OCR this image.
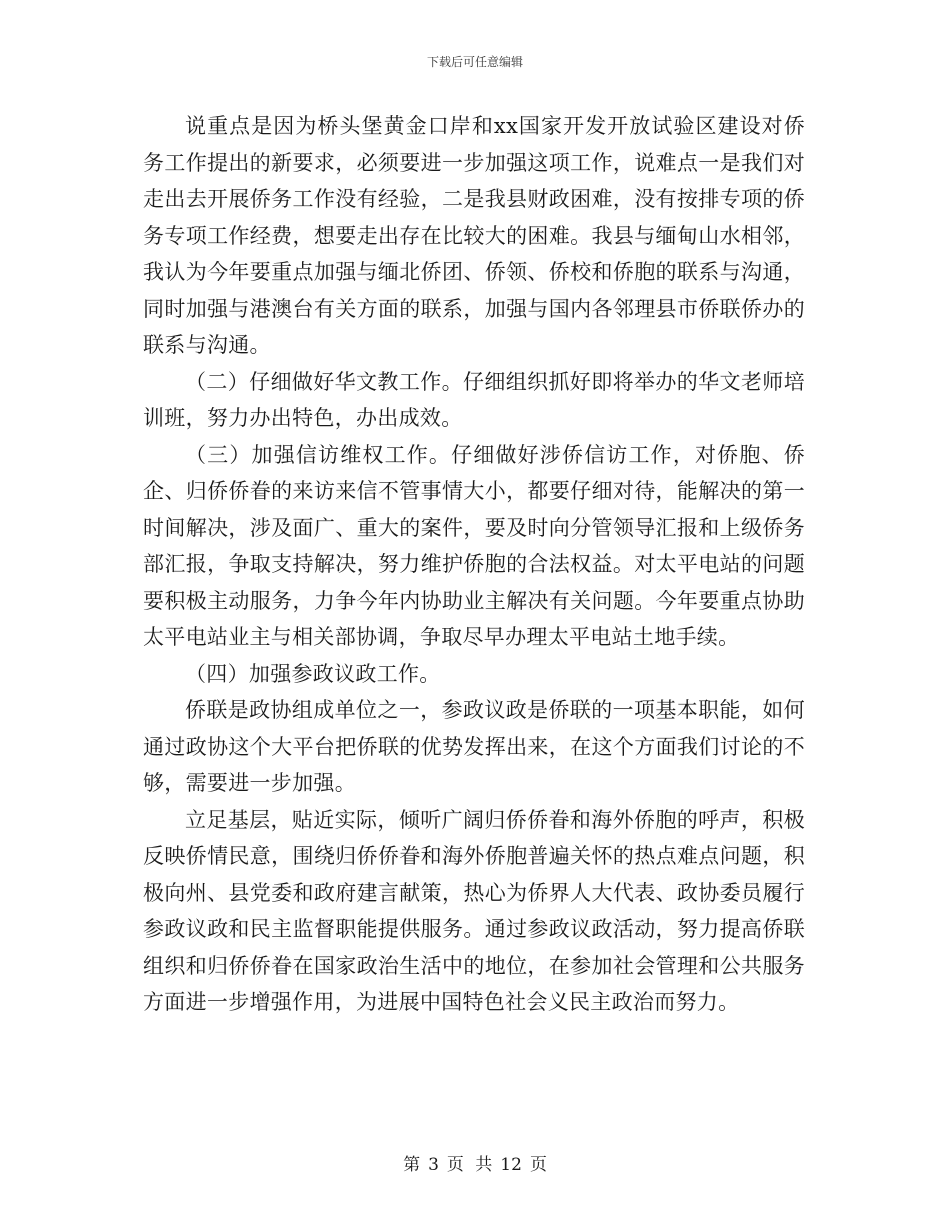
下载后可任意编辑

说重点是因为桥头堡黄金口岸和xx国家开发开放试验区建设对侨务工作提出的新要求，必须要进一步加强这项工作，说难点一是我们对走出去开展侨务工作没有经验，二是我县财政困难，没有按排专项的侨务专项工作经费，想要走出存在比较大的困难。我县与缅甸山水相邻，我认为今年要重点加强与缅北侨团、侨领、侨校和侨胞的联系与沟通，同时加强与港澳台有关方面的联系，加强与国内各邻理县市侨联侨办的联系与沟通。

（二）仔细做好华文教工作。仔细组织抓好即将举办的华文老师培训班，努力办出特色，办出成效。

（三）加强信访维权工作。仔细做好涉侨信访工作，对侨胞、侨企、归侨侨眷的来访来信不管事情大小，都要仔细对待，能解决的第一时间解决，涉及面广、重大的案件，要及时向分管领导汇报和上级侨务部汇报，争取支持解决，努力维护侨胞的合法权益。对太平电站的问题要积极主动服务，力争今年内协助业主解决有关问题。今年要重点协助太平电站业主与相关部协调，争取尽早办理太平电站土地手续。

（四）加强参政议政工作。

侨联是政协组成单位之一，参政议政是侨联的一项基本职能，如何通过政协这个大平台把侨联的优势发挥出来，在这个方面我们讨论的不够，需要进一步加强。

立足基层，贴近实际，倾听广阔归侨侨眷和海外侨胞的呼声，积极反映侨情民意，围绕归侨侨眷和海外侨胞普遍关怀的热点难点问题，积极向州、县党委和政府建言献策，热心为侨界人大代表、政协委员履行参政议政和民主监督职能提供服务。通过参政议政活动，努力提高侨联组织和归侨侨眷在国家政治生活中的地位，在参加社会管理和公共服务方面进一步增强作用，为进展中国特色社会义民主政治而努力。

第 3 页 共 12 页
